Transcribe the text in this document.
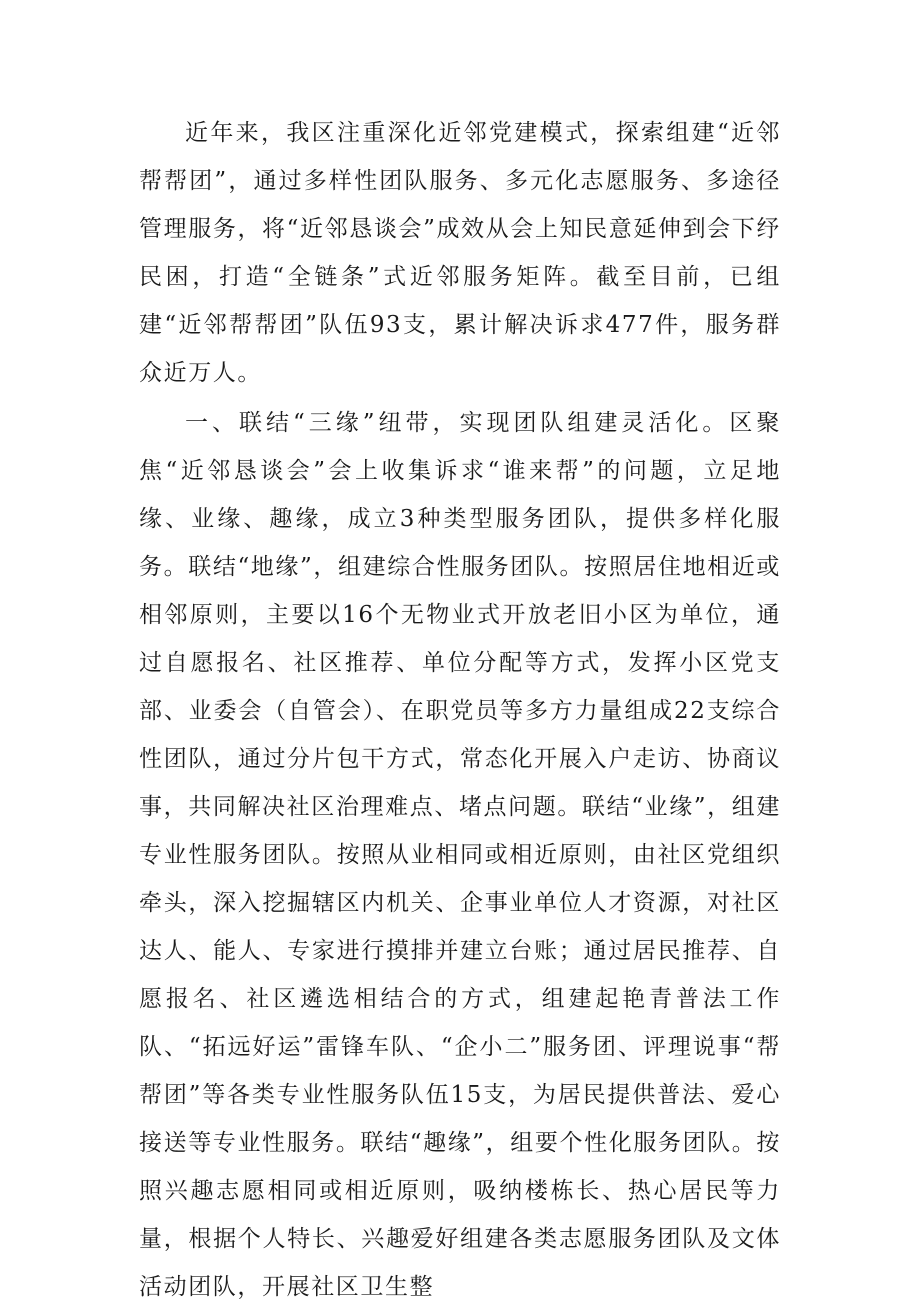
近年来，我区注重深化近邻党建模式，探索组建“近邻帮帮团”，通过多样性团队服务、多元化志愿服务、多途径管理服务，将“近邻恳谈会”成效从会上知民意延伸到会下纾民困，打造“全链条”式近邻服务矩阵。截至目前，已组建“近邻帮帮团”队伍93支，累计解决诉求477件，服务群众近万人。

一、联结“三缘”纽带，实现团队组建灵活化。区聚焦“近邻恳谈会”会上收集诉求“谁来帮”的问题，立足地缘、业缘、趣缘，成立3种类型服务团队，提供多样化服务。联结“地缘”，组建综合性服务团队。按照居住地相近或相邻原则，主要以16个无物业式开放老旧小区为单位，通过自愿报名、社区推荐、单位分配等方式，发挥小区党支部、业委会（自管会）、在职党员等多方力量组成22支综合性团队，通过分片包干方式，常态化开展入户走访、协商议事，共同解决社区治理难点、堵点问题。联结“业缘”，组建专业性服务团队。按照从业相同或相近原则，由社区党组织牵头，深入挖掘辖区内机关、企事业单位人才资源，对社区达人、能人、专家进行摸排并建立台账；通过居民推荐、自愿报名、社区遴选相结合的方式，组建起艳青普法工作队、“拓远好运”雷锋车队、“企小二”服务团、评理说事“帮帮团”等各类专业性服务队伍15支，为居民提供普法、爱心接送等专业性服务。联结“趣缘”，组要个性化服务团队。按照兴趣志愿相同或相近原则，吸纳楼栋长、热心居民等力量，根据个人特长、兴趣爱好组建各类志愿服务团队及文体活动团队，开展社区卫生整
